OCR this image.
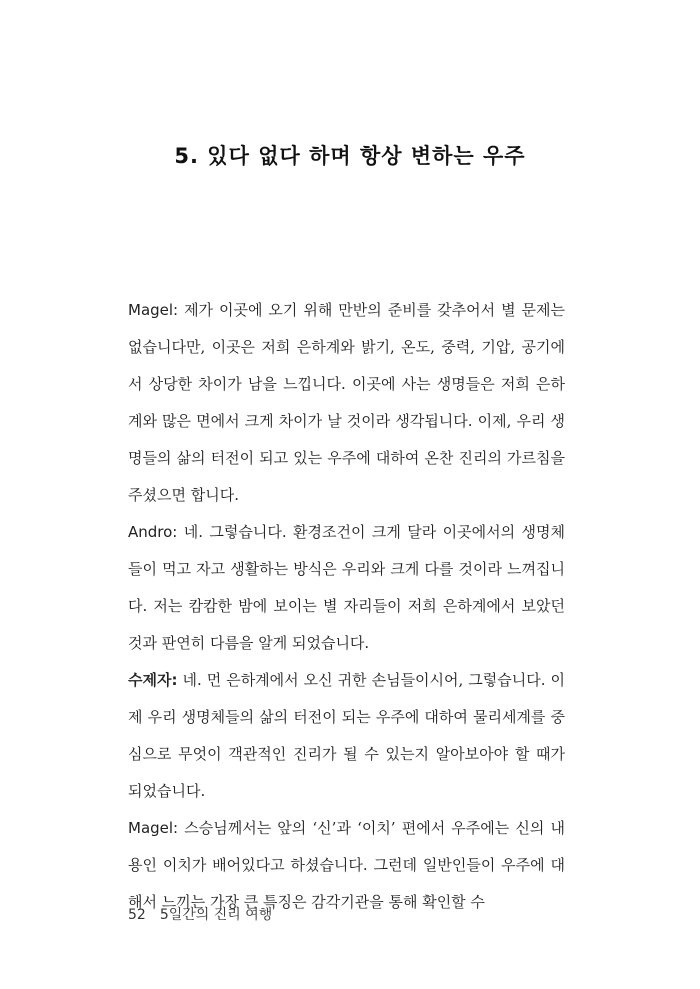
5. 있다 없다 하며 항상 변하는 우주

Magel: 제가 이곳에 오기 위해 만반의 준비를 갖추어서 별 문제는 없습니다만, 이곳은 저희 은하계와 밝기, 온도, 중력, 기압, 공기에서 상당한 차이가 남을 느낍니다. 이곳에 사는 생명들은 저희 은하계와 많은 면에서 크게 차이가 날 것이라 생각됩니다. 이제, 우리 생명들의 삶의 터전이 되고 있는 우주에 대하여 온찬 진리의 가르침을 주셨으면 합니다.

Andro: 네. 그렇습니다. 환경조건이 크게 달라 이곳에서의 생명체들이 먹고 자고 생활하는 방식은 우리와 크게 다를 것이라 느껴집니다. 저는 캄캄한 밤에 보이는 별 자리들이 저희 은하계에서 보았던 것과 판연히 다름을 알게 되었습니다.

수제자: 네. 먼 은하계에서 오신 귀한 손님들이시어, 그렇습니다. 이제 우리 생명체들의 삶의 터전이 되는 우주에 대하여 물리세계를 중심으로 무엇이 객관적인 진리가 될 수 있는지 알아보아야 할 때가 되었습니다.

Magel: 스승님께서는 앞의 ‘신’과 ‘이치’ 편에서 우주에는 신의 내용인 이치가 배어있다고 하셨습니다. 그런데 일반인들이 우주에 대해서 느끼는 가장 큰 특징은 감각기관을 통해 확인할 수

52 5일간의 진리 여행
